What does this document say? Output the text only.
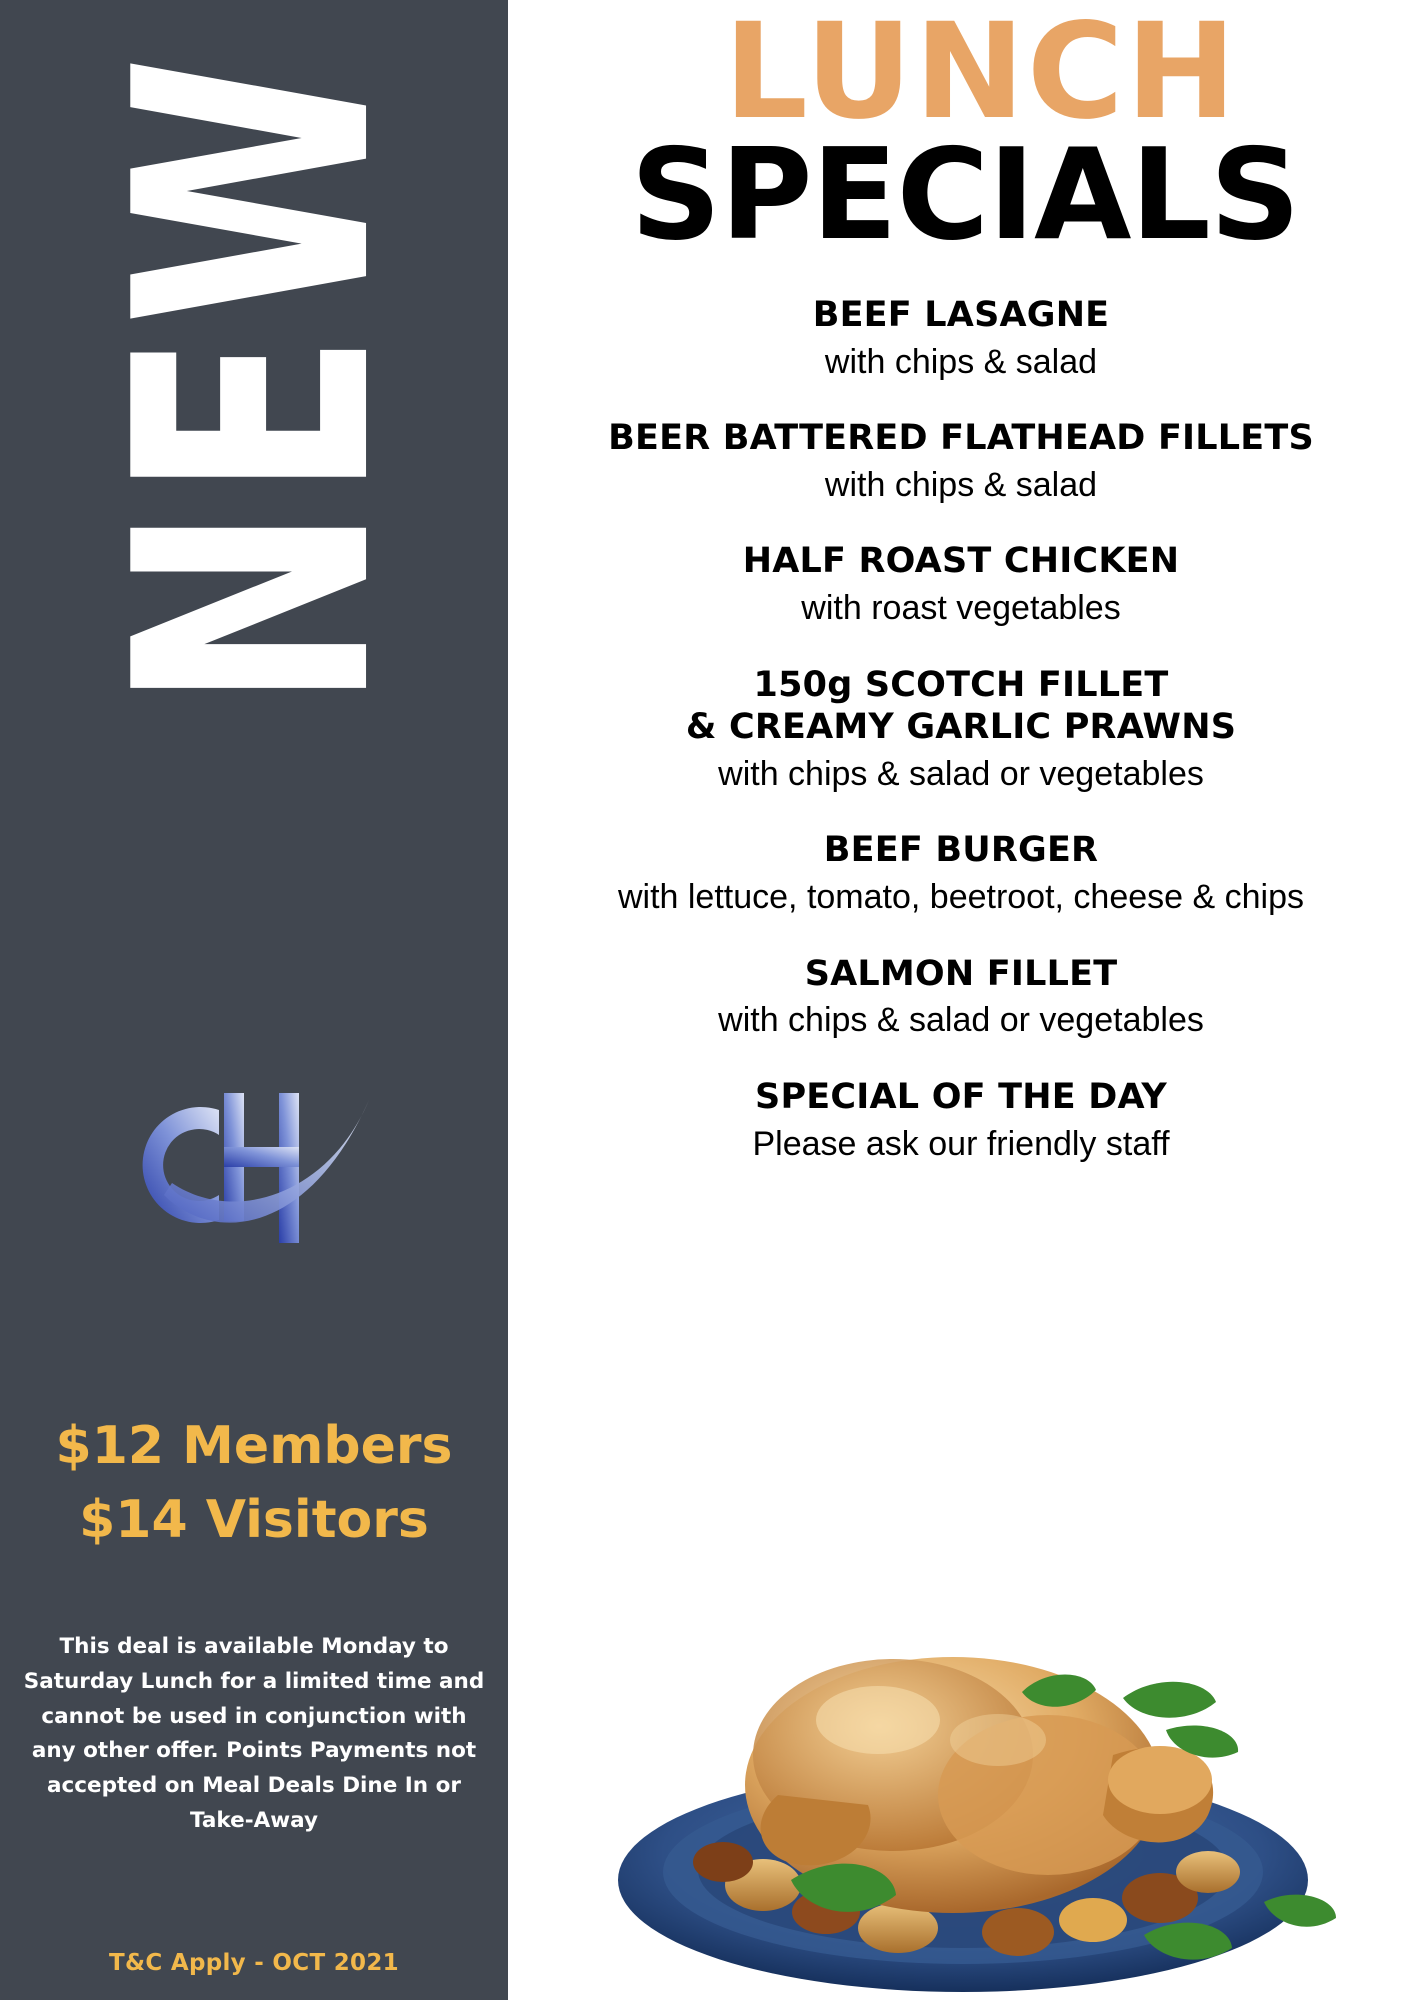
NEW
$12 Members
$14 Visitors
This deal is available Monday to Saturday Lunch for a limited time and cannot be used in conjunction with any other offer. Points Payments not accepted on Meal Deals Dine In or Take-Away
T&C Apply - OCT 2021
LUNCH
SPECIALS
BEEF LASAGNE
with chips & salad
BEER BATTERED FLATHEAD FILLETS
with chips & salad
HALF ROAST CHICKEN
with roast vegetables
150g SCOTCH FILLET
& CREAMY GARLIC PRAWNS
with chips & salad or vegetables
BEEF BURGER
with lettuce, tomato, beetroot, cheese & chips
SALMON FILLET
with chips & salad or vegetables
SPECIAL OF THE DAY
Please ask our friendly staff
